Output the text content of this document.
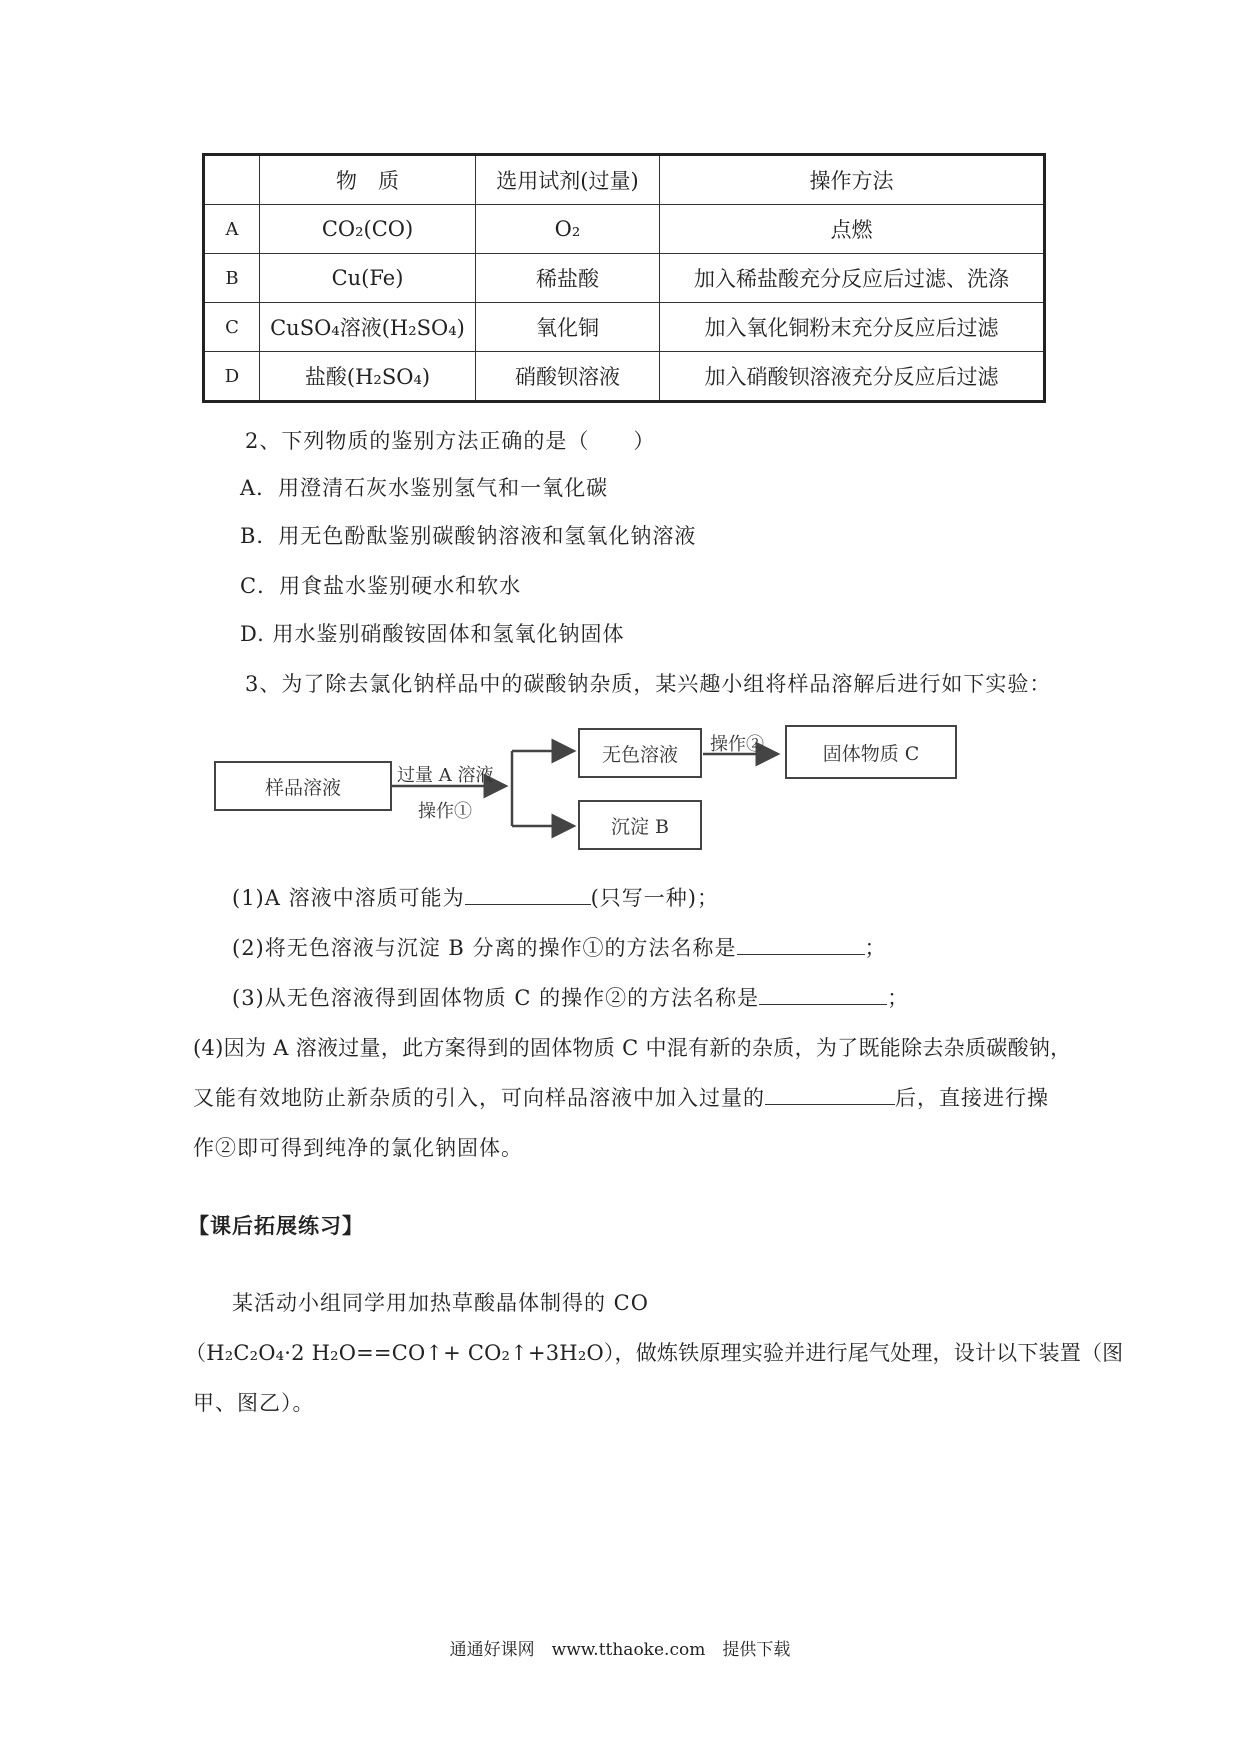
	物　质	选用试剂(过量)	操作方法
A	CO₂(CO)	O₂	点燃
B	Cu(Fe)	稀盐酸	加入稀盐酸充分反应后过滤、洗涤
C	CuSO₄溶液(H₂SO₄)	氧化铜	加入氧化铜粉末充分反应后过滤
D	盐酸(H₂SO₄)	硝酸钡溶液	加入硝酸钡溶液充分反应后过滤
2、下列物质的鉴别方法正确的是（　　）
A．用澄清石灰水鉴别氢气和一氧化碳
B．用无色酚酞鉴别碳酸钠溶液和氢氧化钠溶液
C．用食盐水鉴别硬水和软水
D. 用水鉴别硝酸铵固体和氢氧化钠固体
3、为了除去氯化钠样品中的碳酸钠杂质，某兴趣小组将样品溶解后进行如下实验：
样品溶液
无色溶液	固体物质 C
沉淀 B
过量 A 溶液
操作①
操作②
(1)A 溶液中溶质可能为	(只写一种)；
(2)将无色溶液与沉淀 B 分离的操作①的方法名称是	；
(3)从无色溶液得到固体物质 C 的操作②的方法名称是	；
(4)因为 A 溶液过量，此方案得到的固体物质 C 中混有新的杂质，为了既能除去杂质碳酸钠，
又能有效地防止新杂质的引入，可向样品溶液中加入过量的	后，直接进行操
作②即可得到纯净的氯化钠固体。
【课后拓展练习】
某活动小组同学用加热草酸晶体制得的 CO
（H₂C₂O₄·2 H₂O==CO↑+ CO₂↑+3H₂O），做炼铁原理实验并进行尾气处理，设计以下装置（图
甲、图乙）。
通通好课网　www.tthaoke.com　提供下载
